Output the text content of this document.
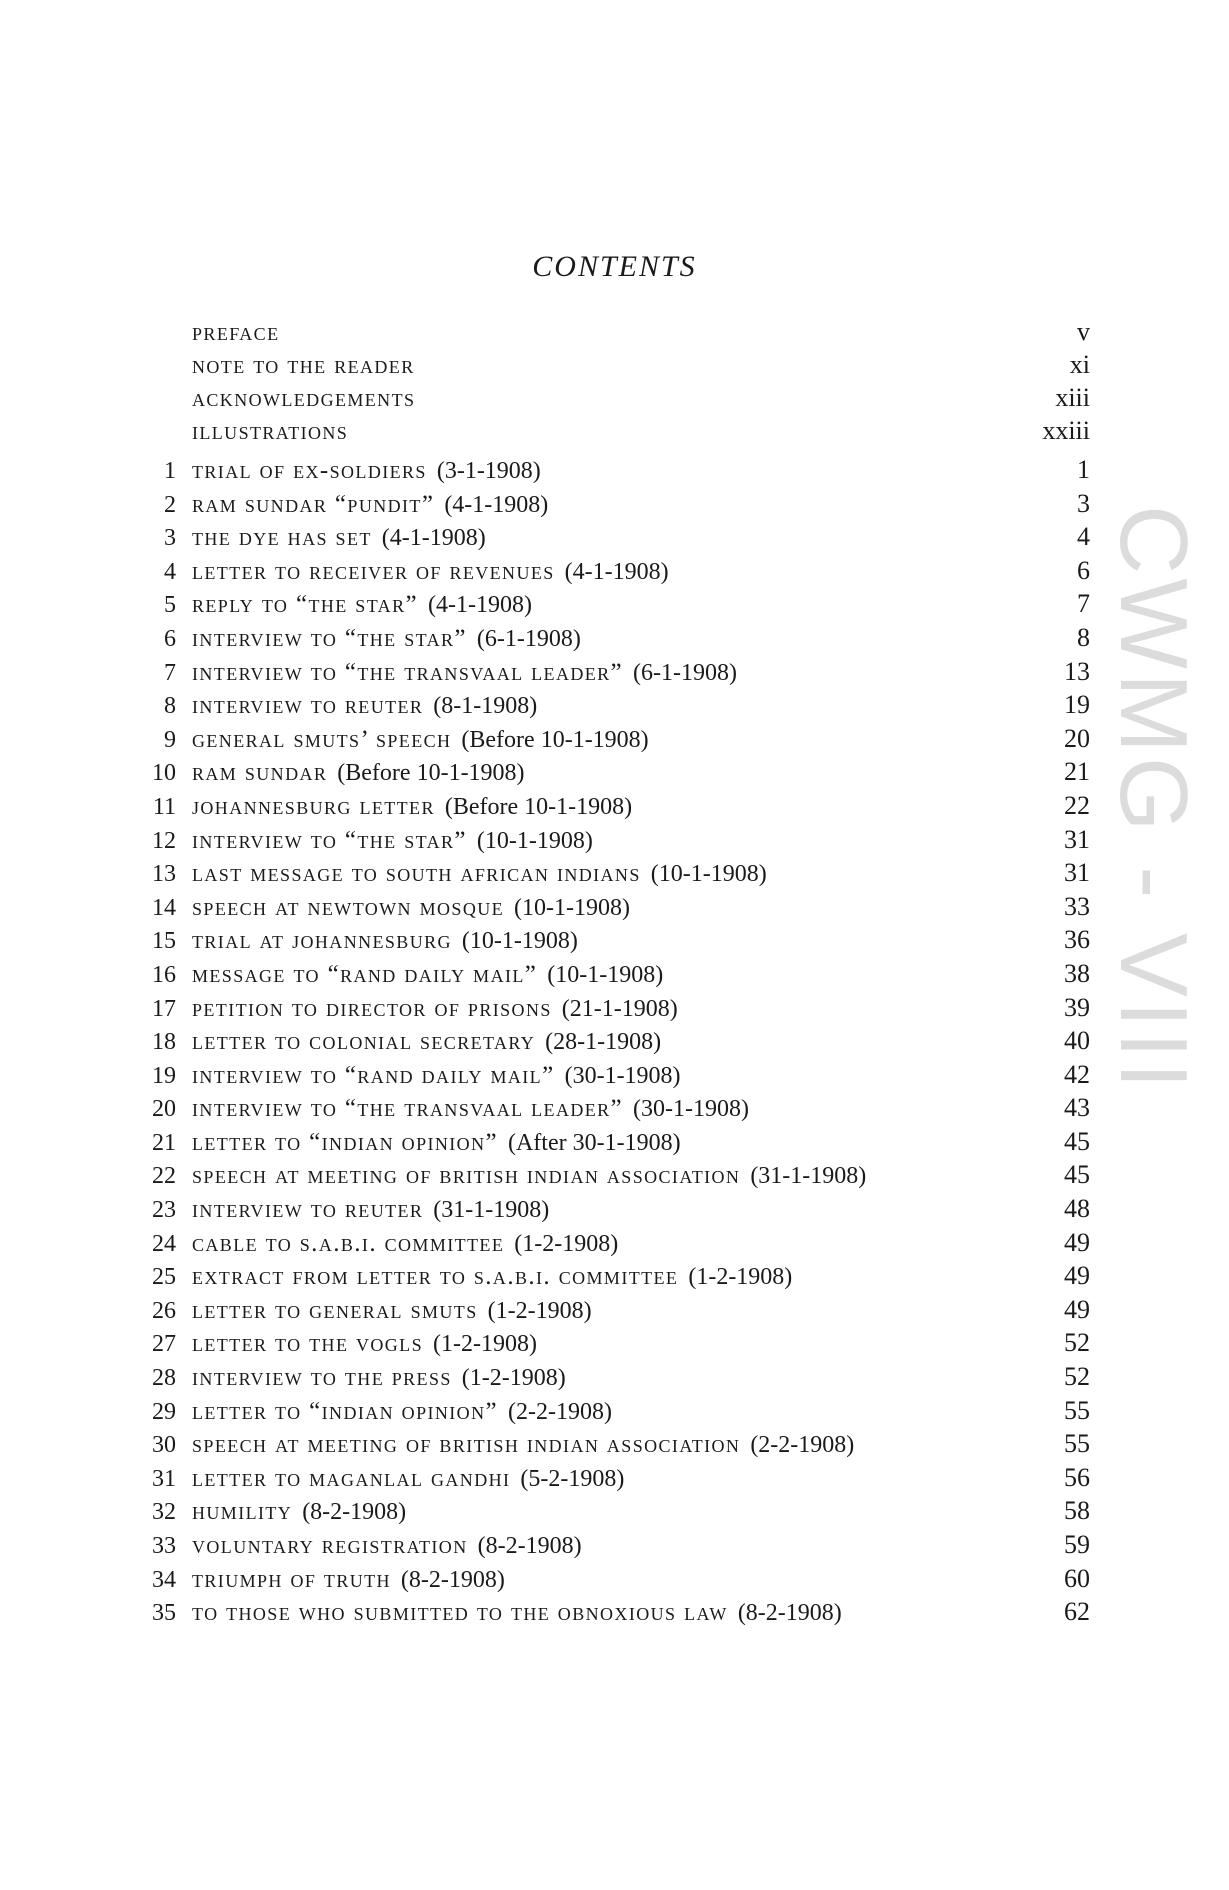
CWMG - VIII
CONTENTS
preface	v
note to the reader	xi
acknowledgements	xiii
illustrations	xxiii
1 trial of ex-soldiers (3-1-1908)	1
2 ram sundar “pundit” (4-1-1908)	3
3 the dye has set (4-1-1908)	4
4 letter to receiver of revenues (4-1-1908)	6
5 reply to “the star” (4-1-1908)	7
6 interview to “the star” (6-1-1908)	8
7 interview to “the transvaal leader” (6-1-1908)	13
8 interview to reuter (8-1-1908)	19
9 general smuts’ speech (Before 10-1-1908)	20
10 ram sundar (Before 10-1-1908)	21
11 johannesburg letter (Before 10-1-1908)	22
12 interview to “the star” (10-1-1908)	31
13 last message to south african indians (10-1-1908)	31
14 speech at newtown mosque (10-1-1908)	33
15 trial at johannesburg (10-1-1908)	36
16 message to “rand daily mail” (10-1-1908)	38
17 petition to director of prisons (21-1-1908)	39
18 letter to colonial secretary (28-1-1908)	40
19 interview to “rand daily mail” (30-1-1908)	42
20 interview to “the transvaal leader” (30-1-1908)	43
21 letter to “indian opinion” (After 30-1-1908)	45
22 speech at meeting of british indian association (31-1-1908)	45
23 interview to reuter (31-1-1908)	48
24 cable to s.a.b.i. committee (1-2-1908)	49
25 extract from letter to s.a.b.i. committee (1-2-1908)	49
26 letter to general smuts (1-2-1908)	49
27 letter to the vogls (1-2-1908)	52
28 interview to the press (1-2-1908)	52
29 letter to “indian opinion” (2-2-1908)	55
30 speech at meeting of british indian association (2-2-1908)	55
31 letter to maganlal gandhi (5-2-1908)	56
32 humility (8-2-1908)	58
33 voluntary registration (8-2-1908)	59
34 triumph of truth (8-2-1908)	60
35 to those who submitted to the obnoxious law (8-2-1908)	62
